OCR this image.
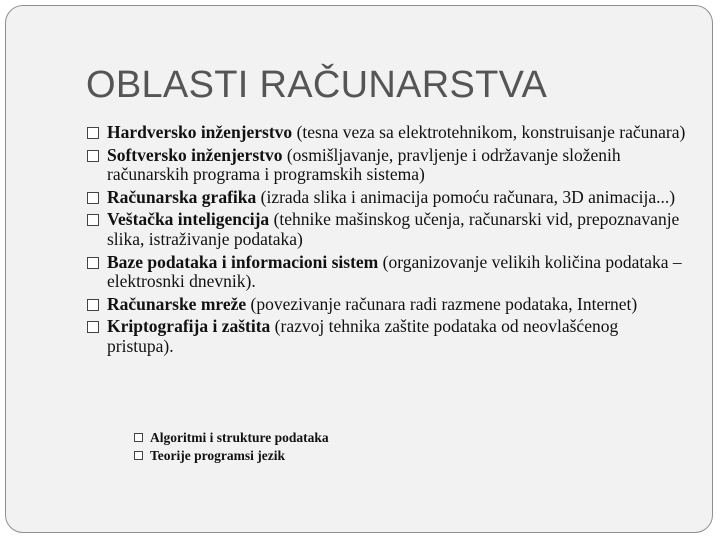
OBLASTI RAČUNARSTVA
Hardversko inženjerstvo (tesna veza sa elektrotehnikom, konstruisanje računara)
Softversko inženjerstvo (osmišljavanje, pravljenje i održavanje složenih računarskih programa i programskih sistema)
Računarska grafika (izrada slika i animacija pomoću računara, 3D animacija...)
Veštačka inteligencija (tehnike mašinskog učenja, računarski vid, prepoznavanje slika, istraživanje podataka)
Baze podataka i informacioni sistem (organizovanje velikih količina podataka – elektrosnki dnevnik).
Računarske mreže (povezivanje računara radi razmene podataka, Internet)
Kriptografija i zaštita (razvoj tehnika zaštite podataka od neovlašćenog pristupa).
Algoritmi i strukture podataka
Teorije programsi jezik
